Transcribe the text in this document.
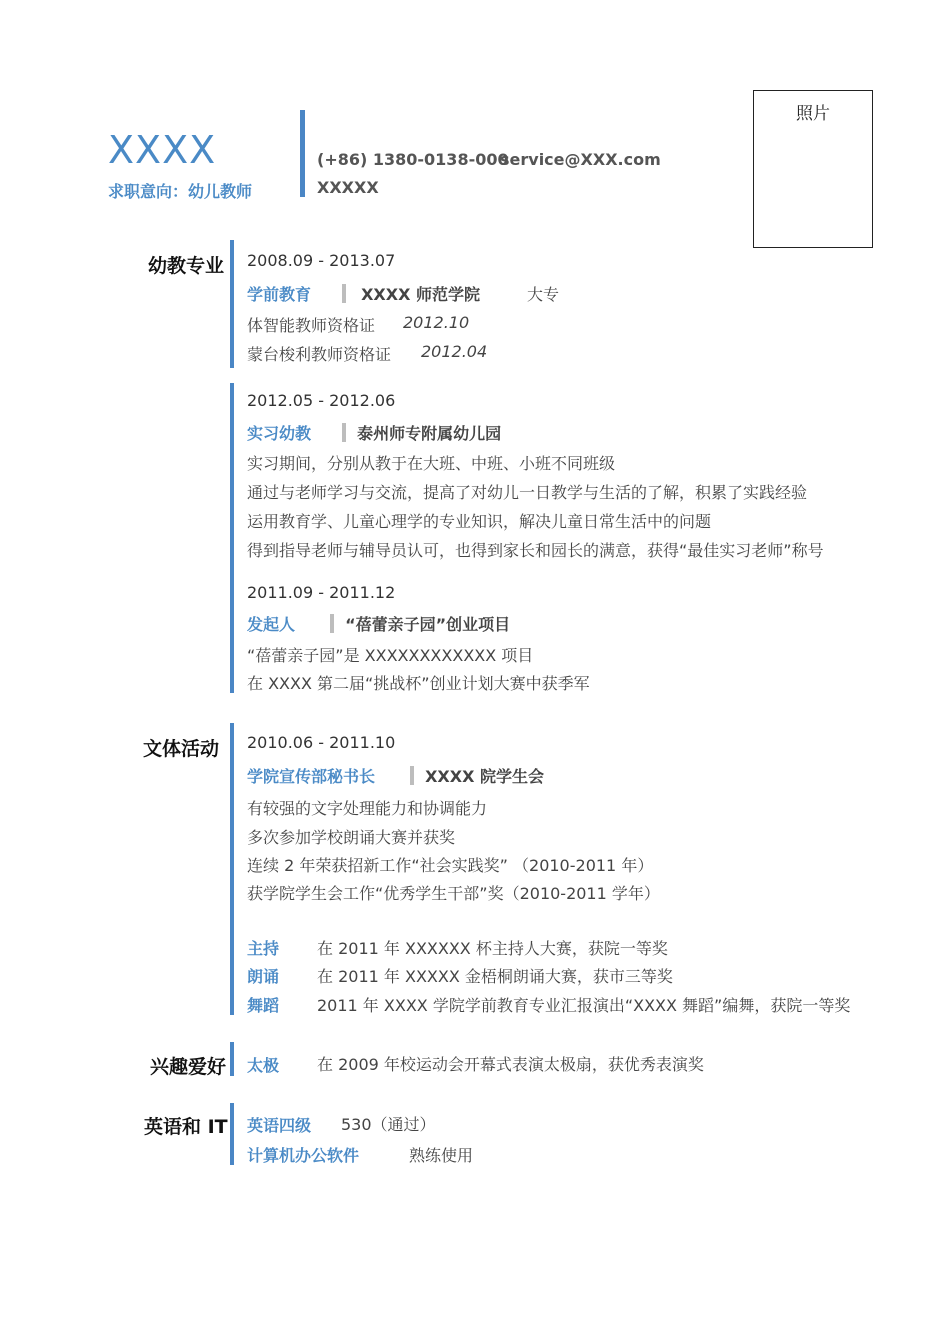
XXXX
求职意向：幼儿教师
(+86) 1380-0138-000
service@XXX.com
XXXXX
照片
幼教专业 2008.09 - 2013.07
学前教育	XXXX 师范学院	大专
体智能教师资格证 2012.10
蒙台梭利教师资格证 2012.04
2012.05 - 2012.06
实习幼教	泰州师专附属幼儿园
实习期间，分别从教于在大班、中班、小班不同班级
通过与老师学习与交流，提高了对幼儿一日教学与生活的了解，积累了实践经验
运用教育学、儿童心理学的专业知识，解决儿童日常生活中的问题
得到指导老师与辅导员认可，也得到家长和园长的满意，获得“最佳实习老师”称号
2011.09 - 2011.12
发起人	“蓓蕾亲子园”创业项目
“蓓蕾亲子园”是 XXXXXXXXXXXX 项目
在 XXXX 第二届“挑战杯”创业计划大赛中获季军
文体活动 2010.06 - 2011.10
学院宣传部秘书长	XXXX 院学生会
有较强的文字处理能力和协调能力
多次参加学校朗诵大赛并获奖
连续 2 年荣获招新工作“社会实践奖” （2010-2011 年）
获学院学生会工作“优秀学生干部”奖（2010-2011 学年）
主持 在 2011 年 XXXXXX 杯主持人大赛，获院一等奖
朗诵 在 2011 年 XXXXX 金梧桐朗诵大赛，获市三等奖
舞蹈 2011 年 XXXX 学院学前教育专业汇报演出“XXXX 舞蹈”编舞，获院一等奖
兴趣爱好 太极 在 2009 年校运动会开幕式表演太极扇，获优秀表演奖
英语和 IT 英语四级 530（通过）
计算机办公软件	熟练使用
